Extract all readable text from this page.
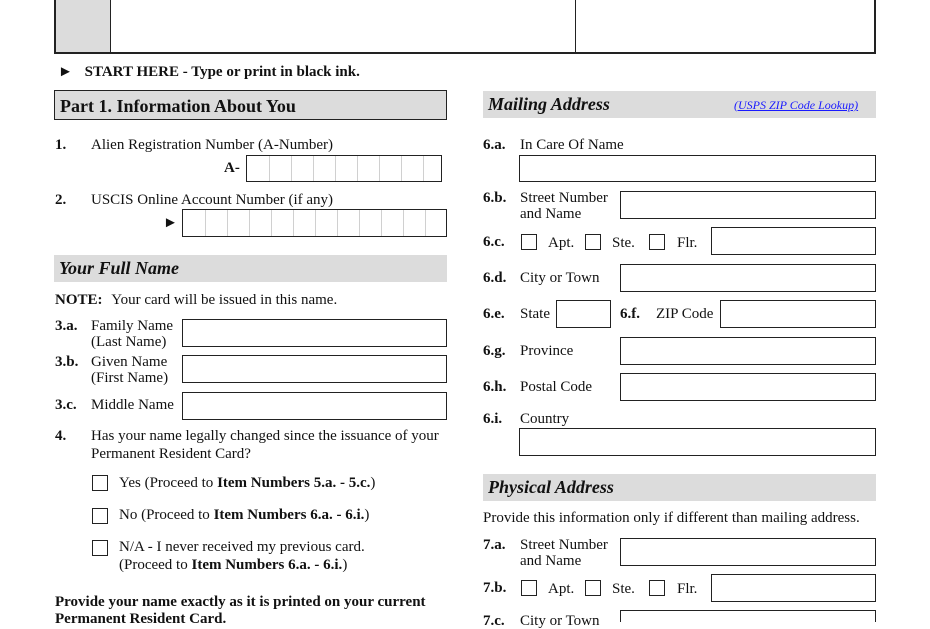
► START HERE - Type or print in black ink.
Part 1. Information About You
1. Alien Registration Number (A-Number)
A-
2. USCIS Online Account Number (if any)
►
Your Full Name
NOTE: Your card will be issued in this name.
3.a. Family Name
(Last Name)
3.b. Given Name
(First Name)
3.c. Middle Name
4. Has your name legally changed since the issuance of your
Permanent Resident Card?
Yes (Proceed to Item Numbers 5.a. - 5.c.)
No (Proceed to Item Numbers 6.a. - 6.i.)
N/A - I never received my previous card.
(Proceed to Item Numbers 6.a. - 6.i.)
Provide your name exactly as it is printed on your current
Permanent Resident Card.
Mailing Address	(USPS ZIP Code Lookup)
6.a. In Care Of Name
6.b. Street Number
and Name
6.c.	Apt.	Ste.	Flr.
6.d. City or Town
6.e. State	6.f. ZIP Code
6.g. Province
6.h. Postal Code
6.i. Country
Physical Address
Provide this information only if different than mailing address.
7.a. Street Number
and Name
7.b.	Apt.	Ste.	Flr.
7.c. City or Town
